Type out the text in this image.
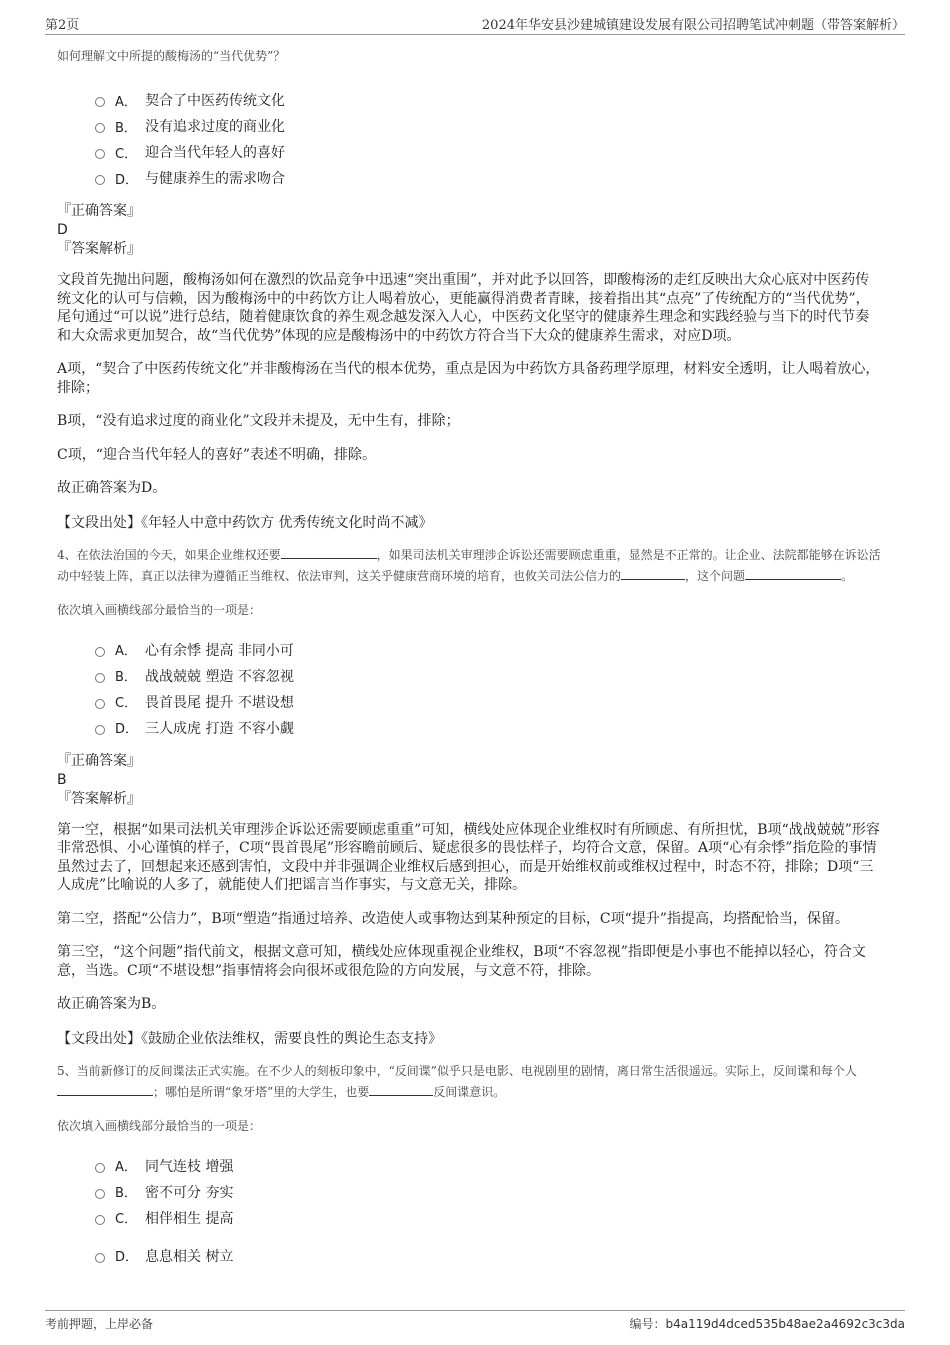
第2页	2024年华安县沙建城镇建设发展有限公司招聘笔试冲刺题（带答案解析）

如何理解文中所提的酸梅汤的“当代优势”？

A． 契合了中医药传统文化
B． 没有追求过度的商业化
C． 迎合当代年轻人的喜好
D． 与健康养生的需求吻合

『正确答案』

D

『答案解析』

文段首先抛出问题，酸梅汤如何在激烈的饮品竞争中迅速“突出重围”，并对此予以回答，即酸梅汤的走红反映出大众心底对中医药传统文化的认可与信赖，因为酸梅汤中的中药饮方让人喝着放心，更能赢得消费者青睐，接着指出其“点亮”了传统配方的“当代优势”，尾句通过“可以说”进行总结，随着健康饮食的养生观念越发深入人心，中医药文化坚守的健康养生理念和实践经验与当下的时代节奏和大众需求更加契合，故“当代优势”体现的应是酸梅汤中的中药饮方符合当下大众的健康养生需求，对应D项。

A项，“契合了中医药传统文化”并非酸梅汤在当代的根本优势，重点是因为中药饮方具备药理学原理，材料安全透明，让人喝着放心，排除；

B项，“没有追求过度的商业化”文段并未提及，无中生有，排除；

C项，“迎合当代年轻人的喜好”表述不明确，排除。

故正确答案为D。

【文段出处】《年轻人中意中药饮方 优秀传统文化时尚不减》

4、在依法治国的今天，如果企业维权还要	，如果司法机关审理涉企诉讼还需要顾虑重重，显然是不正常的。让企业、法院都能够在诉讼活动中轻装上阵，真正以法律为遵循正当维权、依法审判，这关乎健康营商环境的培育，也攸关司法公信力的	，这个问题	。

依次填入画横线部分最恰当的一项是：

A． 心有余悸 提高 非同小可
B． 战战兢兢 塑造 不容忽视
C． 畏首畏尾 提升 不堪设想
D． 三人成虎 打造 不容小觑

『正确答案』

B

『答案解析』

第一空，根据“如果司法机关审理涉企诉讼还需要顾虑重重”可知，横线处应体现企业维权时有所顾虑、有所担忧，B项“战战兢兢”形容非常恐惧、小心谨慎的样子，C项“畏首畏尾”形容瞻前顾后、疑虑很多的畏怯样子，均符合文意，保留。A项“心有余悸”指危险的事情虽然过去了，回想起来还感到害怕，文段中并非强调企业维权后感到担心，而是开始维权前或维权过程中，时态不符，排除；D项“三人成虎”比喻说的人多了，就能使人们把谣言当作事实，与文意无关，排除。

第二空，搭配“公信力”，B项“塑造”指通过培养、改造使人或事物达到某种预定的目标，C项“提升”指提高，均搭配恰当，保留。

第三空，“这个问题”指代前文，根据文意可知，横线处应体现重视企业维权，B项“不容忽视”指即便是小事也不能掉以轻心，符合文意，当选。C项“不堪设想”指事情将会向很坏或很危险的方向发展，与文意不符，排除。

故正确答案为B。

【文段出处】《鼓励企业依法维权，需要良性的舆论生态支持》

5、当前新修订的反间谍法正式实施。在不少人的刻板印象中，“反间谍”似乎只是电影、电视剧里的剧情，离日常生活很遥远。实际上，反间谍和每个人；哪怕是所谓“象牙塔”里的大学生，也要	反间谍意识。

依次填入画横线部分最恰当的一项是：

A． 同气连枝 增强
B． 密不可分 夯实
C． 相伴相生 提高
D． 息息相关 树立
考前押题，上岸必备	编号：b4a119d4dced535b48ae2a4692c3c3da
